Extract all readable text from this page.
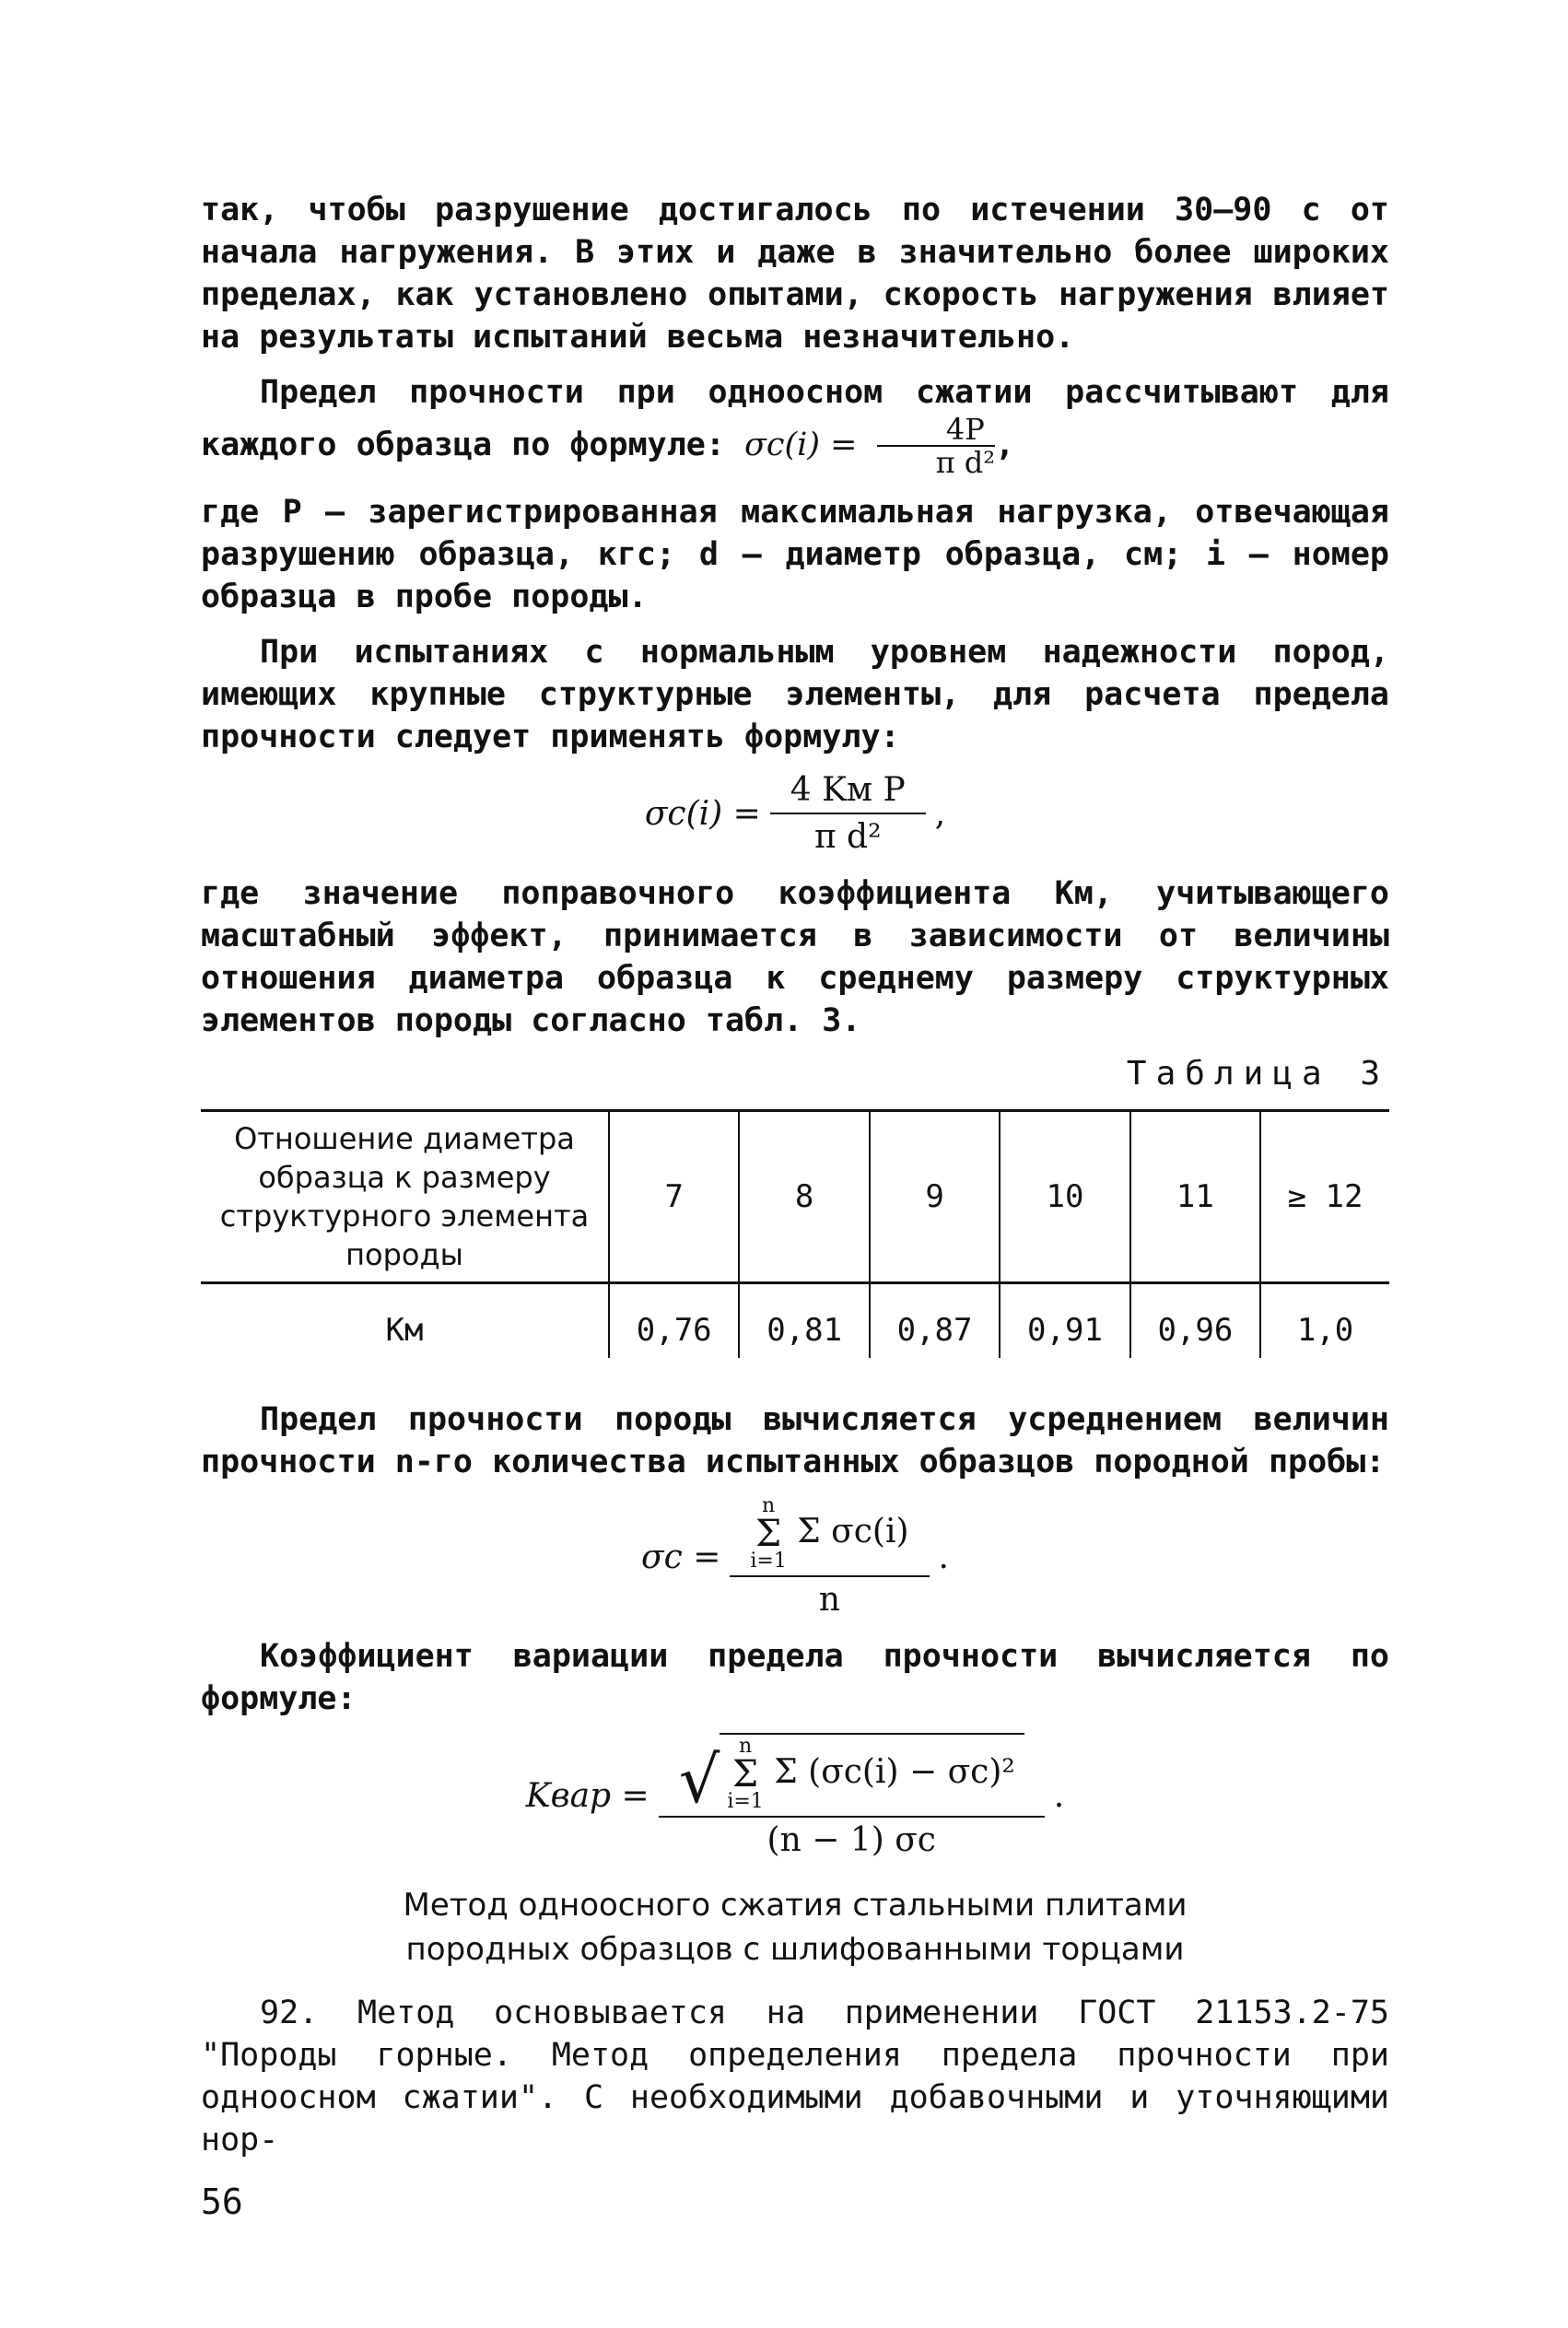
так, чтобы разрушение достигалось по истечении 30–90 с от начала нагружения. В этих и даже в значительно более широких пределах, как установлено опытами, скорость нагружения влияет на результаты испытаний весьма незначительно.

Предел прочности при одноосном сжатии рассчитывают для каждого образца по формуле: $\sigma c(i) = \frac{4P}{\text{π d²}}$ ,

где P – зарегистрированная максимальная нагрузка, отвечающая разрушению образца, кгс; d – диаметр образца, см; i – номер образца в пробе породы.

При испытаниях с нормальным уровнем надежности пород, имеющих крупные структурные элементы, для расчета предела прочности следует применять формулу:

$\sigma c(i) = \frac{\text{4 Kм P}}{\text{π d²}}$ ,

где значение поправочного коэффициента Kм, учитывающего масштабный эффект, принимается в зависимости от величины отношения диаметра образца к среднему размеру структурных элементов породы согласно табл. 3.

Таблица 3
Отношение диаметра образца к размеру структурного элемента породы	7	8	9	10	11	≥ 12
Kм	0,76	0,81	0,87	0,91	0,96	1,0

Предел прочности породы вычисляется усреднением величин прочности n-го количества испытанных образцов породной пробы:

σc = n
Σ
i=1
Σ σc(i)
n .

Коэффициент вариации предела прочности вычисляется по формуле:

Kвар = √ n
Σ
i=1
Σ (σc(i) − σc)²
(n − 1) σc
.
Метод одноосного сжатия стальными плитами
породных образцов с шлифованными торцами

92. Метод основывается на применении ГОСТ 21153.2-75 "Породы горные. Метод определения предела прочности при одноосном сжатии". С необходимыми добавочными и уточняющими нор-

56
